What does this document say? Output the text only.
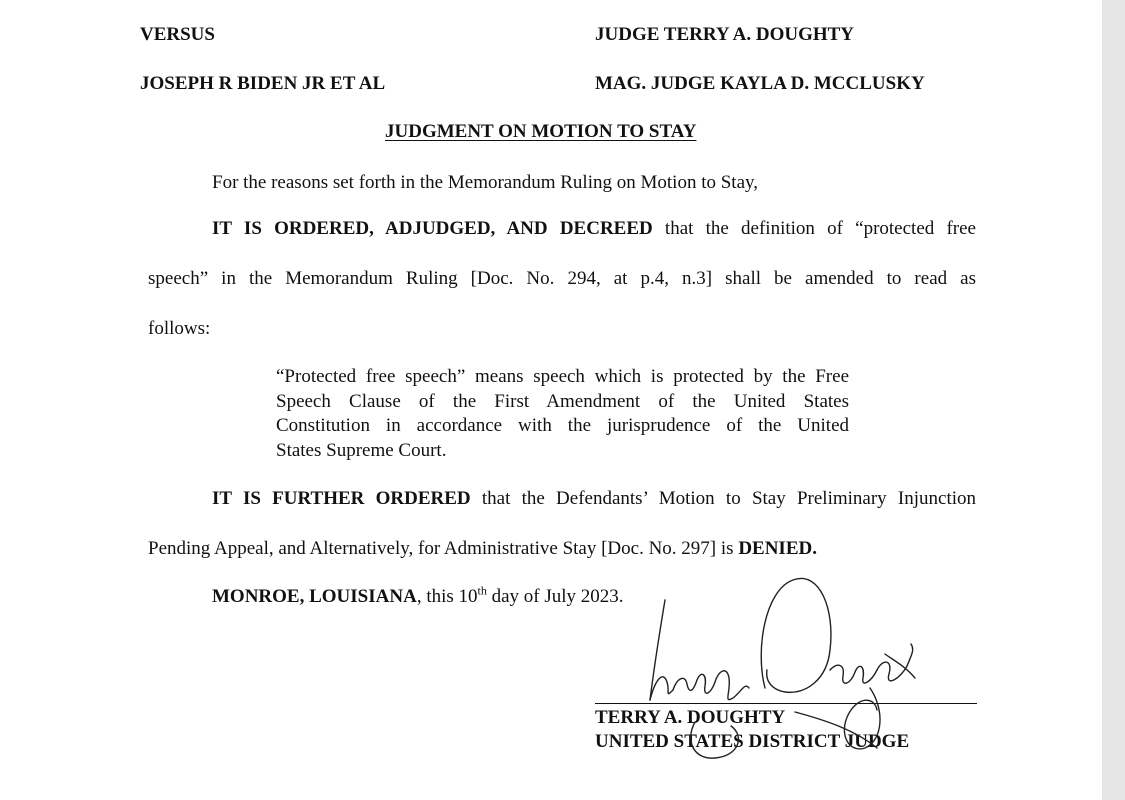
VERSUS	JUDGE TERRY A. DOUGHTY
JOSEPH R BIDEN JR ET AL	MAG. JUDGE KAYLA D. MCCLUSKY
JUDGMENT ON MOTION TO STAY
For the reasons set forth in the Memorandum Ruling on Motion to Stay,
IT IS ORDERED, ADJUDGED, AND DECREED that the definition of “protected free
speech” in the Memorandum Ruling [Doc. No. 294, at p.4, n.3] shall be amended to read as
follows:
“Protected free speech” means speech which is protected by the Free
Speech Clause of the First Amendment of the United States
Constitution in accordance with the jurisprudence of the United
States Supreme Court.
IT IS FURTHER ORDERED that the Defendants’ Motion to Stay Preliminary Injunction
Pending Appeal, and Alternatively, for Administrative Stay [Doc. No. 297] is DENIED.
MONROE, LOUISIANA, this 10th day of July 2023.
TERRY A. DOUGHTY
UNITED STATES DISTRICT JUDGE
